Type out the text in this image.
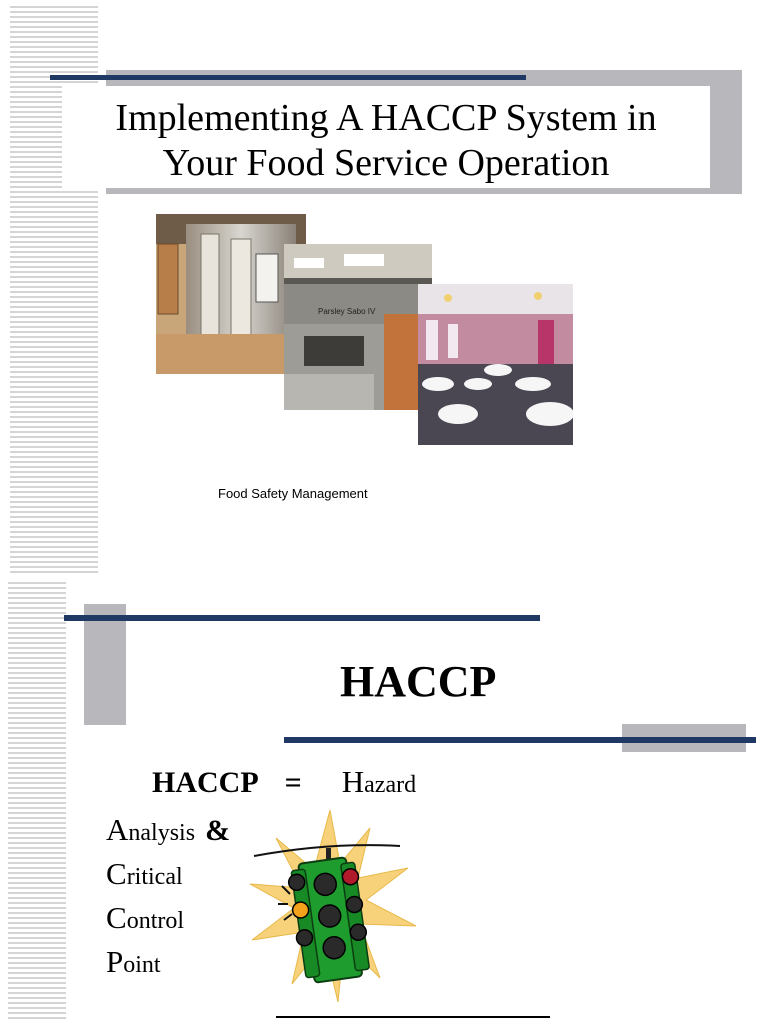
Implementing A HACCP System in
Your Food Service Operation
Parsley Sabo IV
Food Safety Management
HACCP
HACCP = Hazard
Analysis &
Critical
Control
Point
